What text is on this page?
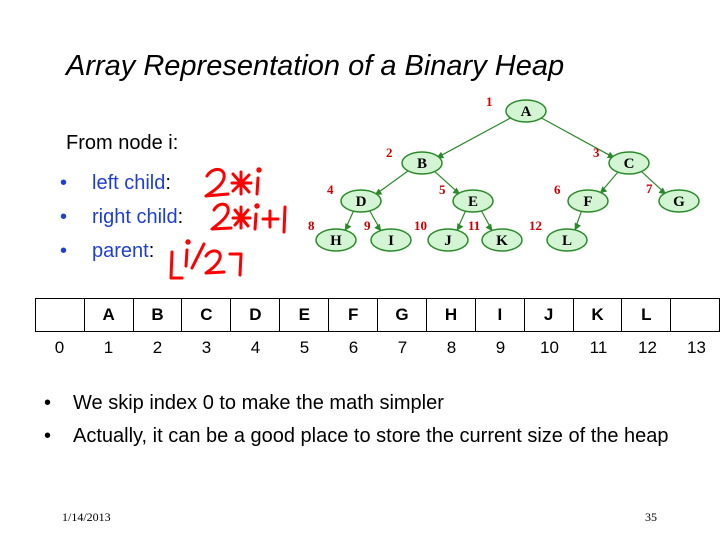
Array Representation of a Binary Heap
From node i:
•	left child :
•	right child :
•	parent :
A
1
B
2
C
3
D
4
E
5
F
6
G
7
H
8
I
9
J
10
K
11
L
12
	A	B	C	D	E	F	G	H	I	J	K	L	
0	1	2	3	4	5	6	7	8	9	10	11	12	13
•	We skip index 0 to make the math simpler
•	Actually, it can be a good place to store the current size of the heap
1/14/2013	35
